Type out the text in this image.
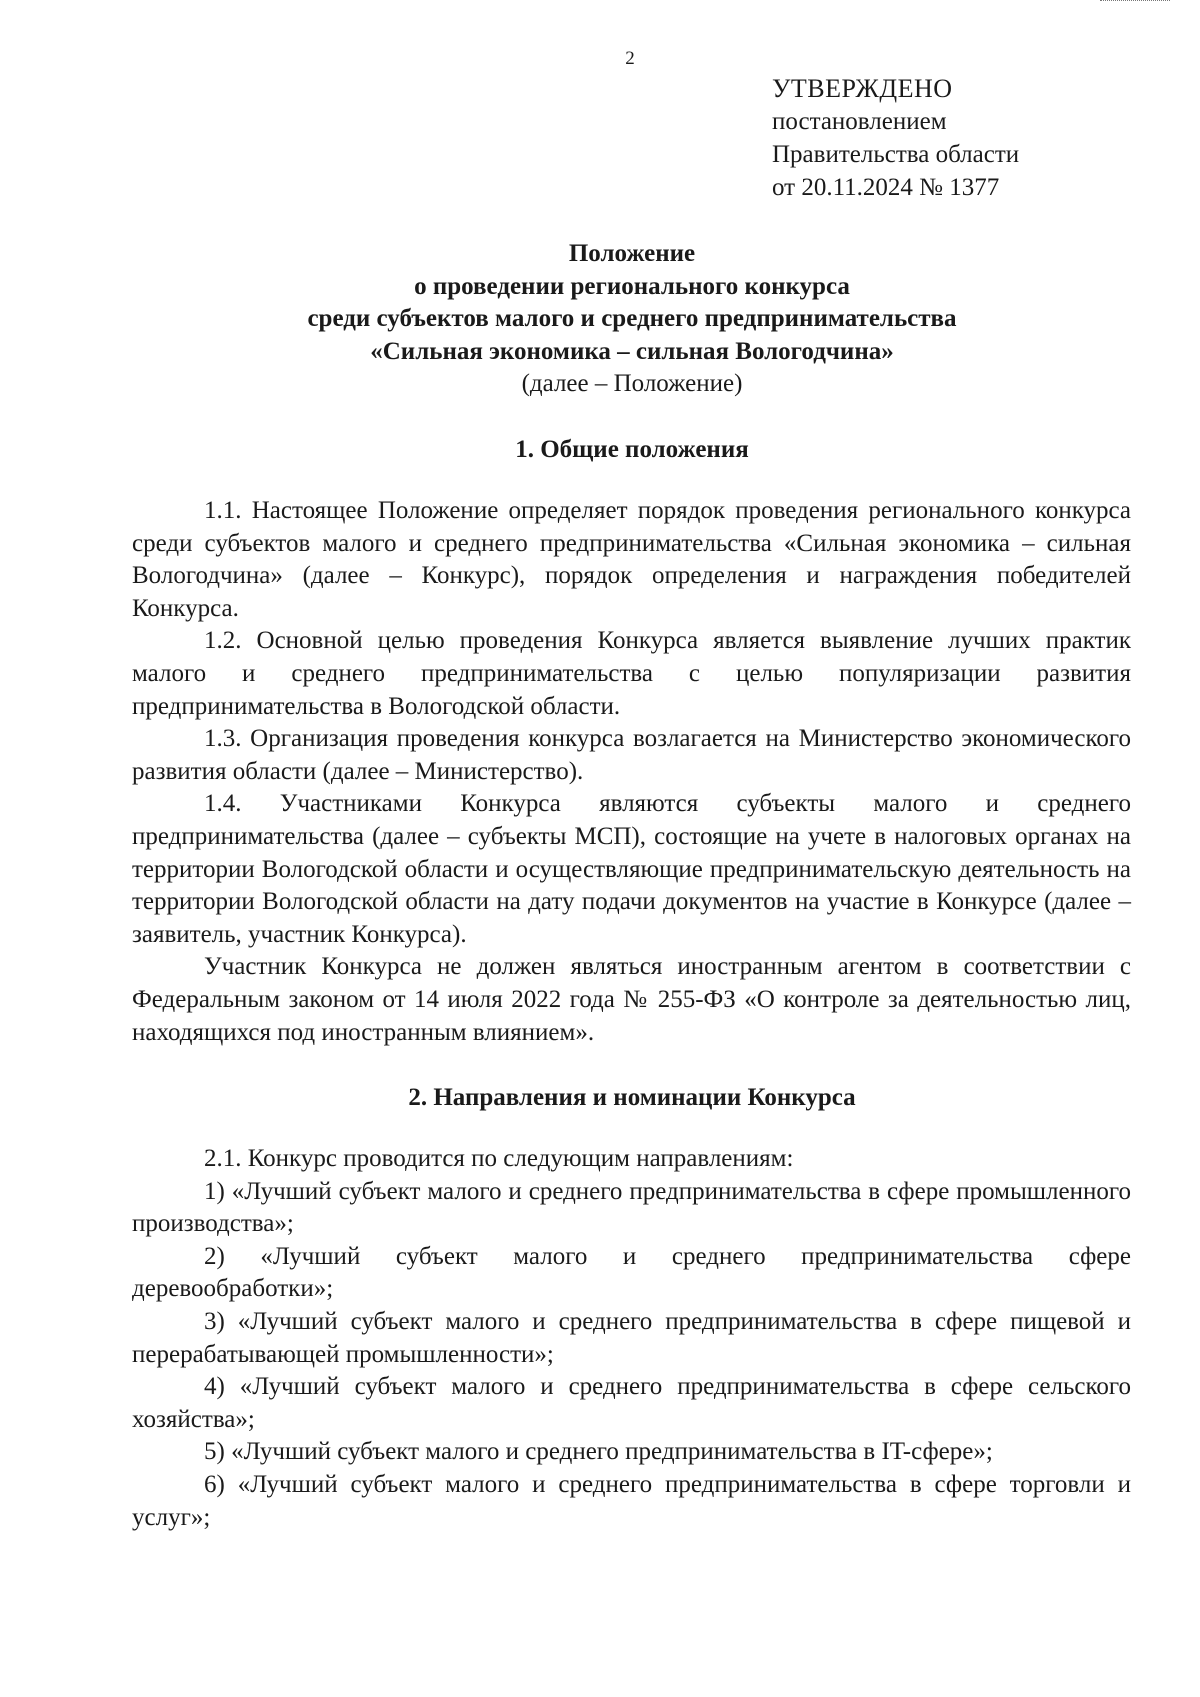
2
УТВЕРЖДЕНО
постановлением
Правительства области
от 20.11.2024 № 1377
Положение
о проведении регионального конкурса
среди субъектов малого и среднего предпринимательства
«Сильная экономика – сильная Вологодчина»
(далее – Положение)
1. Общие положения

1.1. Настоящее Положение определяет порядок проведения регионального конкурса среди субъектов малого и среднего предпринимательства «Сильная экономика – сильная Вологодчина» (далее – Конкурс), порядок определения и награждения победителей Конкурса.

1.2. Основной целью проведения Конкурса является выявление лучших практик малого и среднего предпринимательства с целью популяризации развития предпринимательства в Вологодской области.

1.3. Организация проведения конкурса возлагается на Министерство экономического развития области (далее – Министерство).

1.4. Участниками Конкурса являются субъекты малого и среднего предпринимательства (далее – субъекты МСП), состоящие на учете в налоговых органах на территории Вологодской области и осуществляющие предпринимательскую деятельность на территории Вологодской области на дату подачи документов на участие в Конкурсе (далее – заявитель, участник Конкурса).

Участник Конкурса не должен являться иностранным агентом в соответствии с Федеральным законом от 14 июля 2022 года № 255-ФЗ «О контроле за деятельностью лиц, находящихся под иностранным влиянием».

2. Направления и номинации Конкурса

2.1. Конкурс проводится по следующим направлениям:

1) «Лучший субъект малого и среднего предпринимательства в сфере промышленного производства»;

2) «Лучший субъект малого и среднего предпринимательства сфере деревообработки»;

3) «Лучший субъект малого и среднего предпринимательства в сфере пищевой и перерабатывающей промышленности»;

4) «Лучший субъект малого и среднего предпринимательства в сфере сельского хозяйства»;

5) «Лучший субъект малого и среднего предпринимательства в IT-сфере»;

6) «Лучший субъект малого и среднего предпринимательства в сфере торговли и услуг»;
